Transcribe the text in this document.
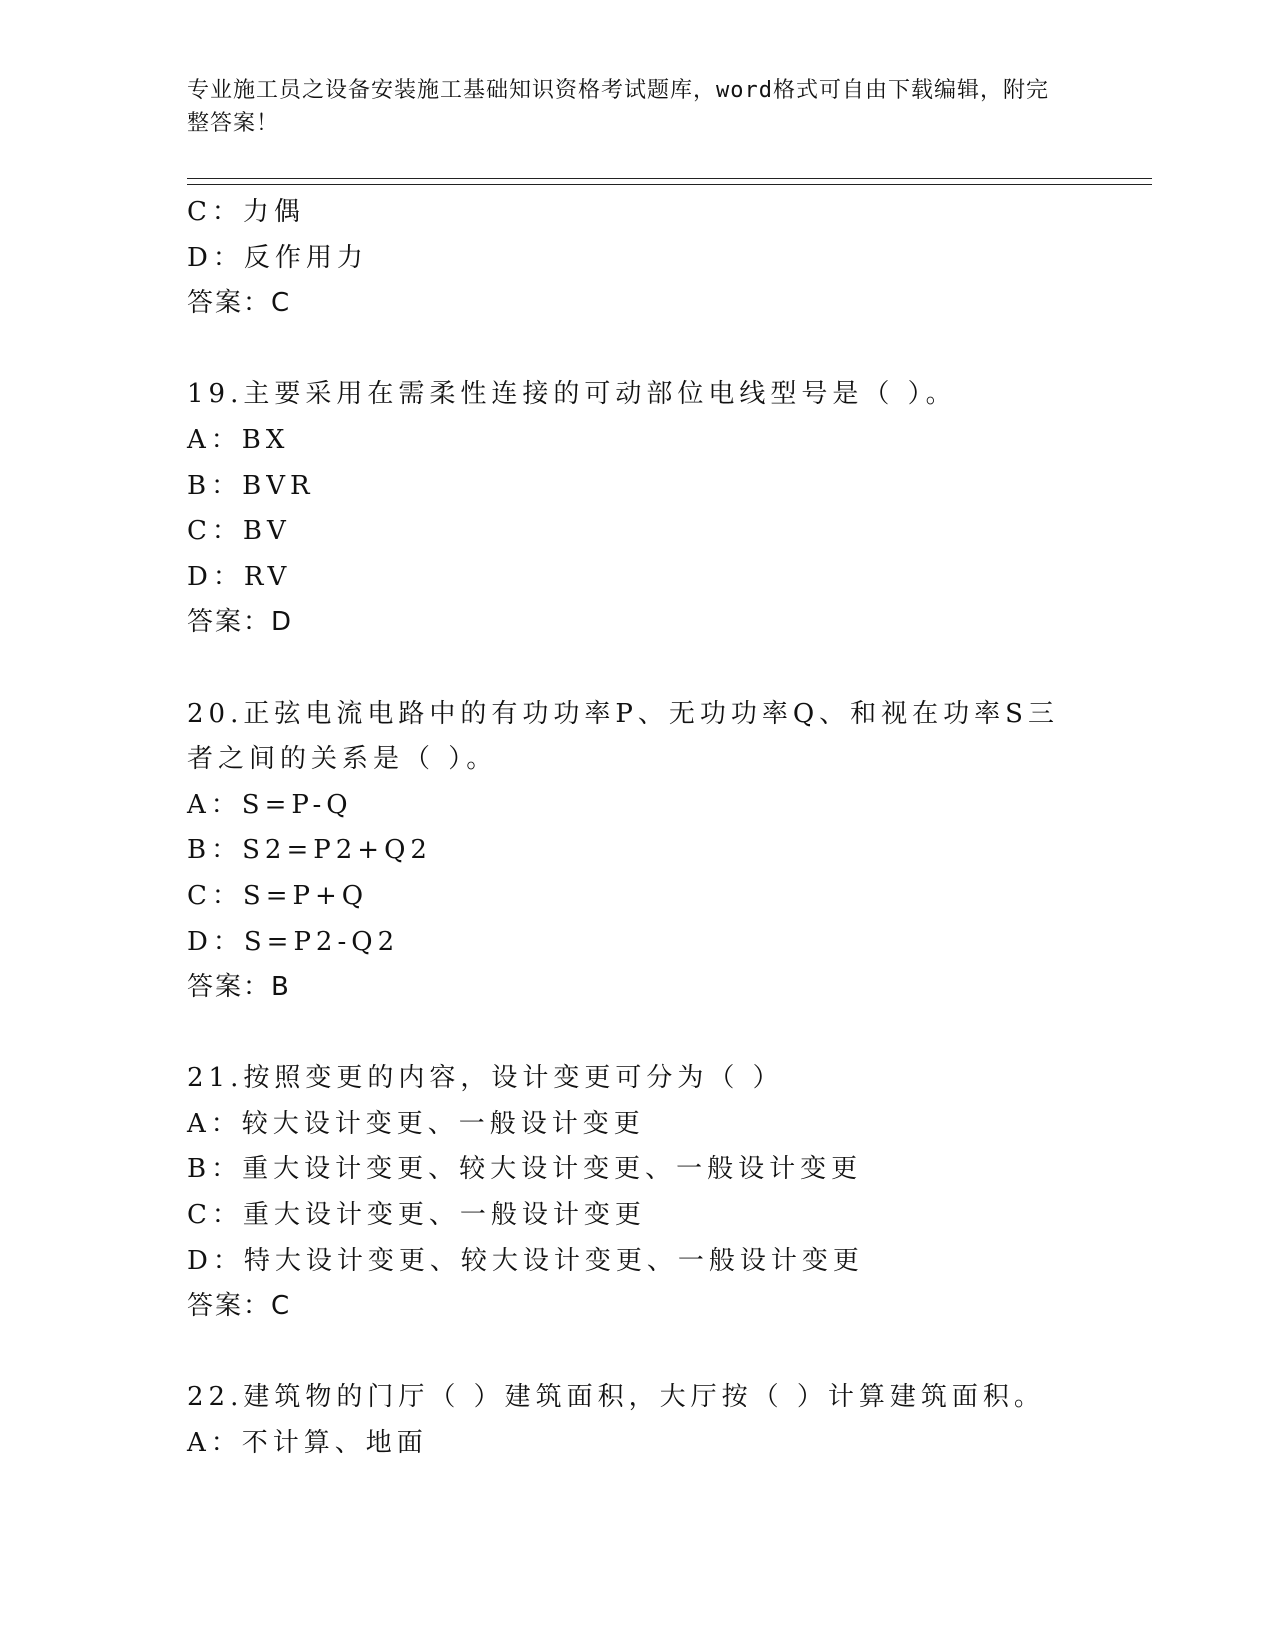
专业施工员之设备安装施工基础知识资格考试题库，word格式可自由下载编辑，附完整答案！
C：力偶
D：反作用力
答案：C
19.主要采用在需柔性连接的可动部位电线型号是（ ）。
A：BX
B：BVR
C：BV
D：RV
答案：D
20.正弦电流电路中的有功功率P、无功功率Q、和视在功率S三者之间的关系是（ ）。
A：S=P-Q
B：S2=P2+Q2
C：S=P+Q
D：S=P2-Q2
答案：B
21.按照变更的内容，设计变更可分为（ ）
A：较大设计变更、一般设计变更
B：重大设计变更、较大设计变更、一般设计变更
C：重大设计变更、一般设计变更
D：特大设计变更、较大设计变更、一般设计变更
答案：C
22.建筑物的门厅（ ）建筑面积，大厅按（ ）计算建筑面积。
A：不计算、地面
